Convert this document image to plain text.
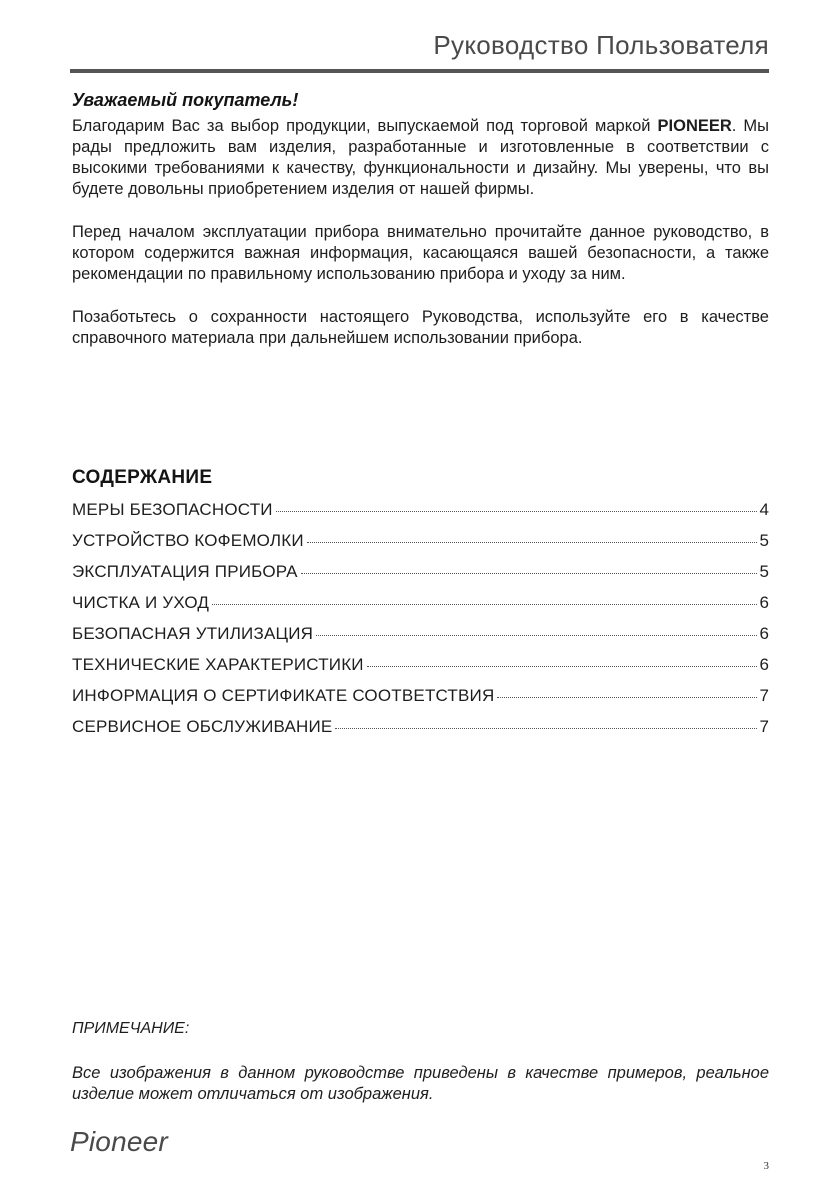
Руководство Пользователя
Уважаемый покупатель!

Благодарим Вас за выбор продукции, выпускаемой под торговой маркой PIONEER. Мы рады предложить вам изделия, разработанные и изготовленные в соответствии с высокими требованиями к качеству, функциональности и дизайну. Мы уверены, что вы будете довольны приобретением изделия от нашей фирмы.

Перед началом эксплуатации прибора внимательно прочитайте данное руководство, в котором содержится важная информация, касающаяся вашей безопасности, а также рекомендации по правильному использованию прибора и уходу за ним.

Позаботьтесь о сохранности настоящего Руководства, используйте его в качестве справочного материала при дальнейшем использовании прибора.

СОДЕРЖАНИЕ
МЕРЫ БЕЗОПАСНОСТИ	4
УСТРОЙСТВО КОФЕМОЛКИ	5
ЭКСПЛУАТАЦИЯ ПРИБОРА	5
ЧИСТКА И УХОД	6
БЕЗОПАСНАЯ УТИЛИЗАЦИЯ	6
ТЕХНИЧЕСКИЕ ХАРАКТЕРИСТИКИ	6
ИНФОРМАЦИЯ О СЕРТИФИКАТЕ СООТВЕТСТВИЯ	7
СЕРВИСНОЕ ОБСЛУЖИВАНИЕ	7
ПРИМЕЧАНИЕ:

Все изображения в данном руководстве приведены в качестве примеров, реальное изделие может отличаться от изображения.

Pioneer
3
